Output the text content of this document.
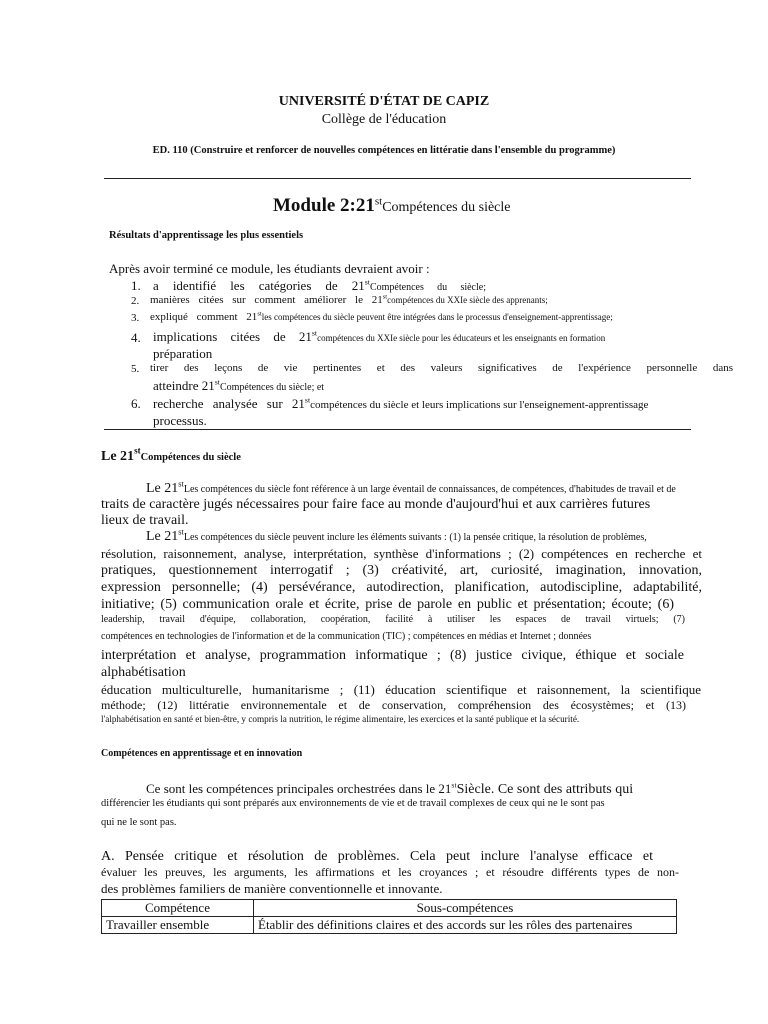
UNIVERSITÉ D'ÉTAT DE CAPIZ
Collège de l'éducation
ED. 110 (Construire et renforcer de nouvelles compétences en littératie dans l'ensemble du programme)
Module 2:21stCompétences du siècle
Résultats d'apprentissage les plus essentiels
Après avoir terminé ce module, les étudiants devraient avoir :
1. a identifié les catégories de 21stCompétences du siècle;
2. manières citées sur comment améliorer le 21stcompétences du XXIe siècle des apprenants;
3. expliqué comment 21stles compétences du siècle peuvent être intégrées dans le processus d'enseignement-apprentissage;
4. implications citées de 21stcompétences du XXIe siècle pour les éducateurs et les enseignants en formation
préparation
5. tirer des leçons de vie pertinentes et des valeurs significatives de l'expérience personnelle dans
atteindre 21stCompétences du siècle; et
6. recherche analysée sur 21stcompétences du siècle et leurs implications sur l'enseignement-apprentissage
processus.
Le 21stCompétences du siècle
Le 21stLes compétences du siècle font référence à un large éventail de connaissances, de compétences, d'habitudes de travail et de
traits de caractère jugés nécessaires pour faire face au monde d'aujourd'hui et aux carrières futures
lieux de travail.
Le 21stLes compétences du siècle peuvent inclure les éléments suivants : (1) la pensée critique, la résolution de problèmes,
résolution, raisonnement, analyse, interprétation, synthèse d'informations ; (2) compétences en recherche et
pratiques, questionnement interrogatif ; (3) créativité, art, curiosité, imagination, innovation,
expression personnelle; (4) persévérance, autodirection, planification, autodiscipline, adaptabilité,
initiative; (5) communication orale et écrite, prise de parole en public et présentation; écoute; (6)
leadership, travail d'équipe, collaboration, coopération, facilité à utiliser les espaces de travail virtuels; (7)
compétences en technologies de l'information et de la communication (TIC) ; compétences en médias et Internet ; données
interprétation et analyse, programmation informatique ; (8) justice civique, éthique et sociale
alphabétisation
éducation multiculturelle, humanitarisme ; (11) éducation scientifique et raisonnement, la scientifique
méthode; (12) littératie environnementale et de conservation, compréhension des écosystèmes; et (13)
l'alphabétisation en santé et bien-être, y compris la nutrition, le régime alimentaire, les exercices et la santé publique et la sécurité.
Compétences en apprentissage et en innovation
Ce sont les compétences principales orchestrées dans le 21stSiècle. Ce sont des attributs qui
différencier les étudiants qui sont préparés aux environnements de vie et de travail complexes de ceux qui ne le sont pas
qui ne le sont pas.
A. Pensée critique et résolution de problèmes. Cela peut inclure l'analyse efficace et
évaluer les preuves, les arguments, les affirmations et les croyances ; et résoudre différents types de non-
des problèmes familiers de manière conventionnelle et innovante.
Compétence	Sous-compétences
Travailler ensemble	Établir des définitions claires et des accords sur les rôles des partenaires
